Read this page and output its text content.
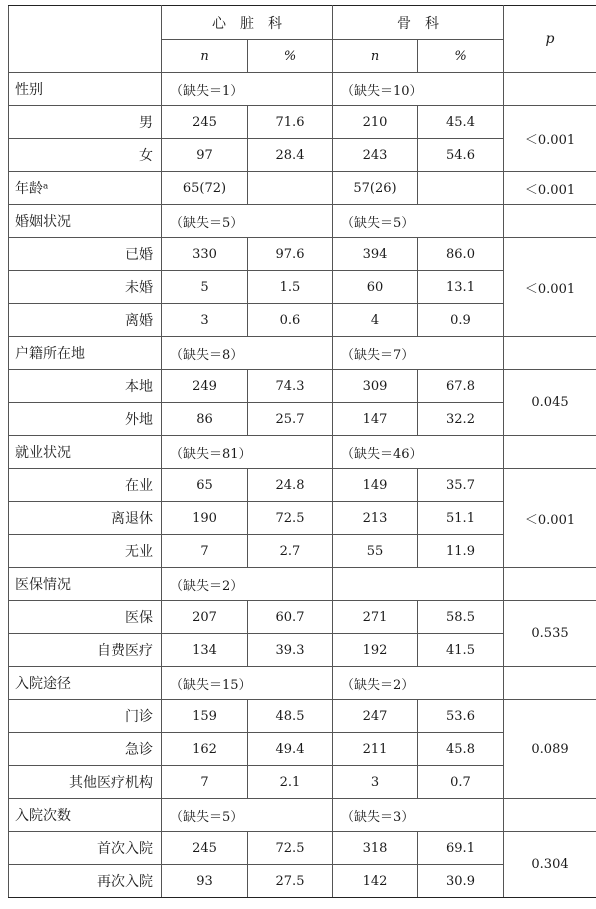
	心脏科		骨科		p
	n	%	n	%	
性别	（缺失＝1）		（缺失＝10）		
男	245	71.6	210	45.4	＜0.001
女	97	28.4	243	54.6	
年龄ᵃ	65(72)		57(26)		＜0.001
婚姻状况	（缺失＝5）		（缺失＝5）		
已婚	330	97.6	394	86.0	＜0.001
未婚	5	1.5	60	13.1	
离婚	3	0.6	4	0.9	
户籍所在地	（缺失＝8）		（缺失＝7）		
本地	249	74.3	309	67.8	0.045
外地	86	25.7	147	32.2	
就业状况	（缺失＝81）		（缺失＝46）		
在业	65	24.8	149	35.7	＜0.001
离退休	190	72.5	213	51.1	
无业	7	2.7	55	11.9	
医保情况	（缺失＝2）				
医保	207	60.7	271	58.5	0.535
自费医疗	134	39.3	192	41.5	
入院途径	（缺失＝15）		（缺失＝2）		
门诊	159	48.5	247	53.6	0.089
急诊	162	49.4	211	45.8	
其他医疗机构	7	2.1	3	0.7	
入院次数	（缺失＝5）		（缺失＝3）		
首次入院	245	72.5	318	69.1	0.304
再次入院	93	27.5	142	30.9	
